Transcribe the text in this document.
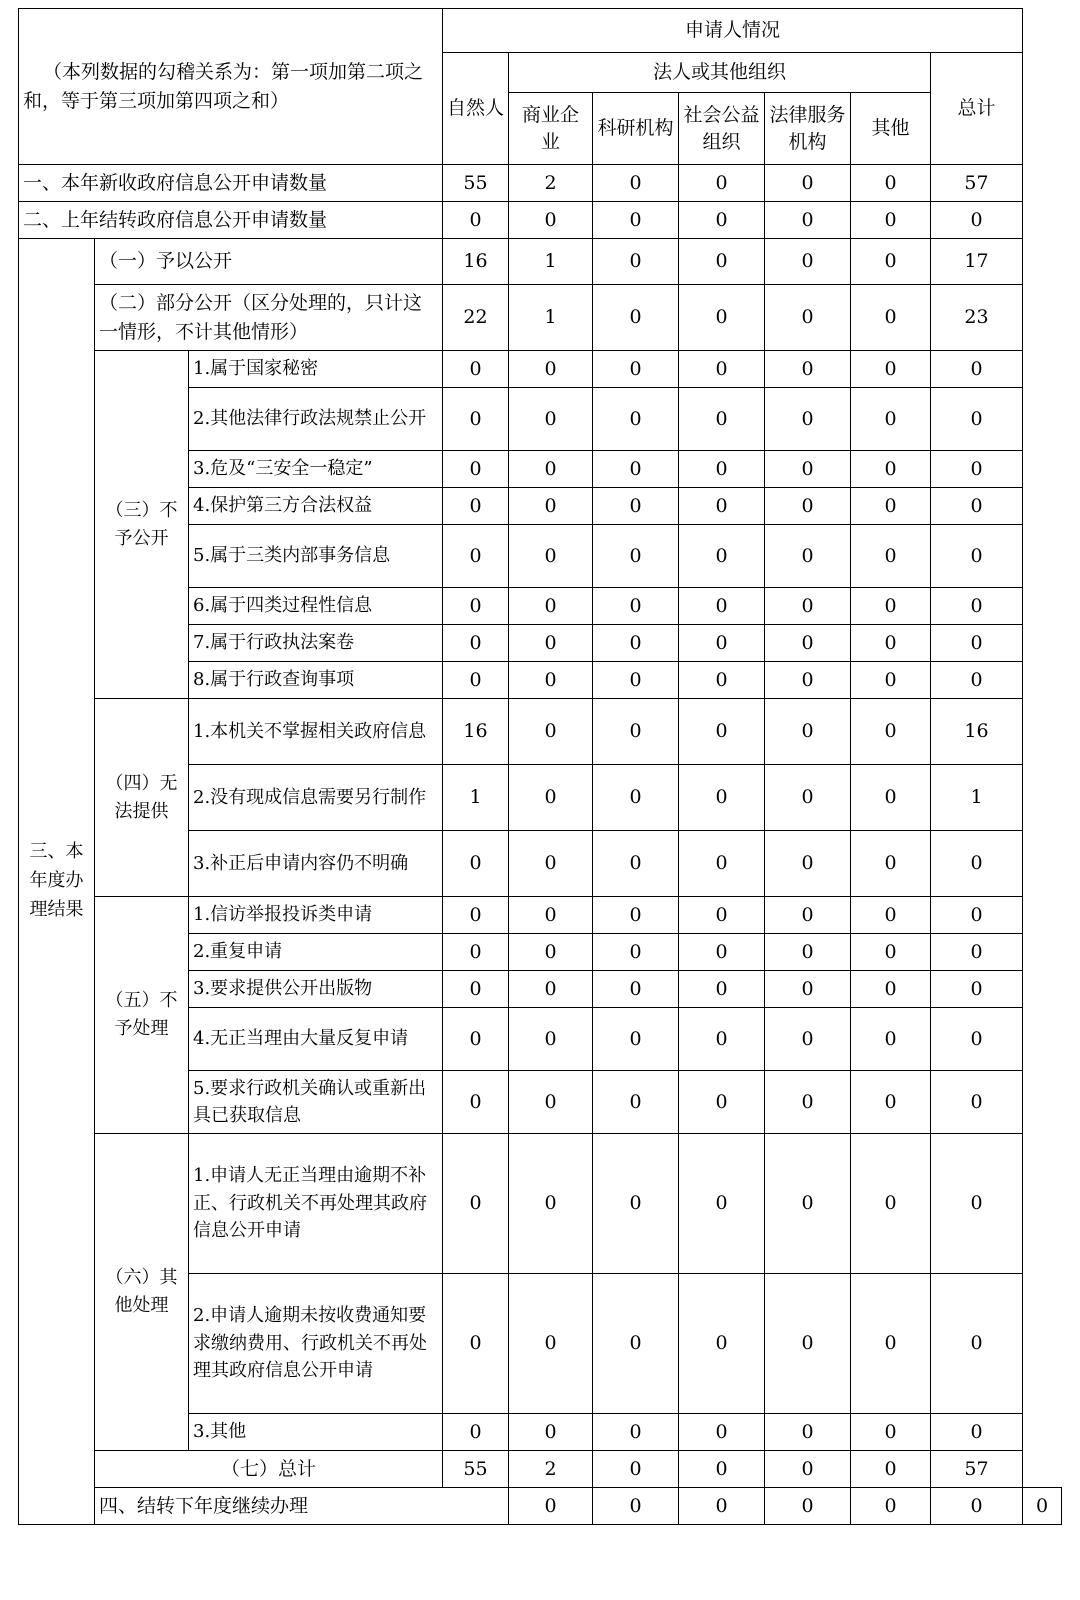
（本列数据的勾稽关系为：第一项加第二项之和，等于第三项加第四项之和）			申请人情况							
			自然人	法人或其他组织					总计	
				商业企业	科研机构	社会公益组织	法律服务机构	其他		
一、本年新收政府信息公开申请数量			55	2	0	0	0	0	57	
二、上年结转政府信息公开申请数量			0	0	0	0	0	0	0	
三、本年度办理结果	（一）予以公开		16	1	0	0	0	0	17	
	（二）部分公开（区分处理的，只计这一情形，不计其他情形）		22	1	0	0	0	0	23	
	（三）不予公开	1.属于国家秘密	0	0	0	0	0	0	0	
		2.其他法律行政法规禁止公开	0	0	0	0	0	0	0	
		3.危及“三安全一稳定”	0	0	0	0	0	0	0	
		4.保护第三方合法权益	0	0	0	0	0	0	0	
		5.属于三类内部事务信息	0	0	0	0	0	0	0	
		6.属于四类过程性信息	0	0	0	0	0	0	0	
		7.属于行政执法案卷	0	0	0	0	0	0	0	
		8.属于行政查询事项	0	0	0	0	0	0	0	
	（四）无法提供	1.本机关不掌握相关政府信息	16	0	0	0	0	0	16	
		2.没有现成信息需要另行制作	1	0	0	0	0	0	1	
		3.补正后申请内容仍不明确	0	0	0	0	0	0	0	
	（五）不予处理	1.信访举报投诉类申请	0	0	0	0	0	0	0	
		2.重复申请	0	0	0	0	0	0	0	
		3.要求提供公开出版物	0	0	0	0	0	0	0	
		4.无正当理由大量反复申请	0	0	0	0	0	0	0	
		5.要求行政机关确认或重新出具已获取信息	0	0	0	0	0	0	0	
	（六）其他处理	1.申请人无正当理由逾期不补正、行政机关不再处理其政府信息公开申请	0	0	0	0	0	0	0	
		2.申请人逾期未按收费通知要求缴纳费用、行政机关不再处理其政府信息公开申请	0	0	0	0	0	0	0	
		3.其他	0	0	0	0	0	0	0	
	（七）总计		55	2	0	0	0	0	57	
	四、结转下年度继续办理			0	0	0	0	0	0	0
